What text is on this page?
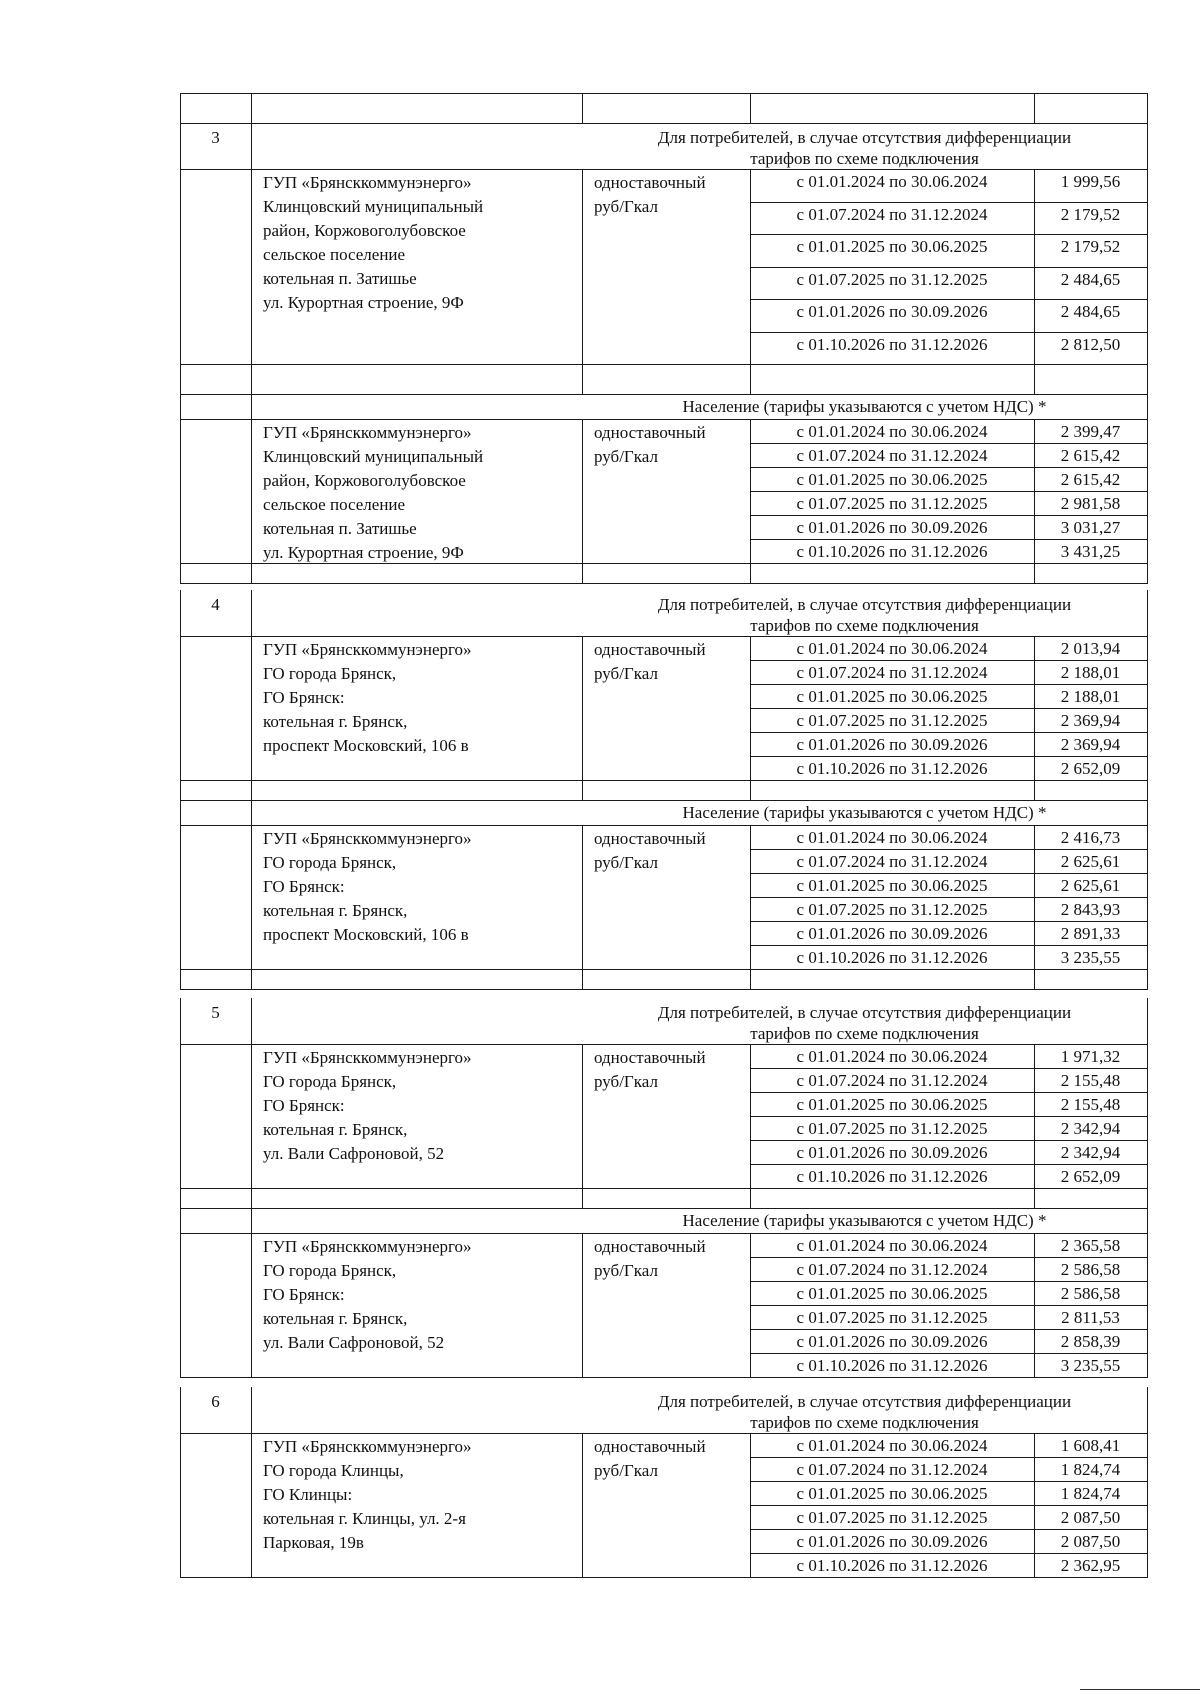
3	Для потребителей, в случае отсутствия дифференциации
тарифов по схеме подключения
ГУП «Брянсккоммунэнерго»
Клинцовский муниципальный
район, Коржовоголубовское
сельское поселение
котельная п. Затишье
ул. Курортная строение, 9Ф
одноставочный
руб/Гкал
с 01.01.2024 по 30.06.2024	1 999,56
с 01.07.2024 по 31.12.2024	2 179,52
с 01.01.2025 по 30.06.2025	2 179,52
с 01.07.2025 по 31.12.2025	2 484,65
с 01.01.2026 по 30.09.2026	2 484,65
с 01.10.2026 по 31.12.2026	2 812,50
Население (тарифы указываются с учетом НДС) *
ГУП «Брянсккоммунэнерго»
Клинцовский муниципальный
район, Коржовоголубовское
сельское поселение
котельная п. Затишье
ул. Курортная строение, 9Ф
одноставочный
руб/Гкал
с 01.01.2024 по 30.06.2024	2 399,47
с 01.07.2024 по 31.12.2024	2 615,42
с 01.01.2025 по 30.06.2025	2 615,42
с 01.07.2025 по 31.12.2025	2 981,58
с 01.01.2026 по 30.09.2026	3 031,27
с 01.10.2026 по 31.12.2026	3 431,25
4	Для потребителей, в случае отсутствия дифференциации
тарифов по схеме подключения
ГУП «Брянсккоммунэнерго»
ГО города Брянск,
ГО Брянск:
котельная г. Брянск,
проспект Московский, 106 в
одноставочный
руб/Гкал
с 01.01.2024 по 30.06.2024	2 013,94
с 01.07.2024 по 31.12.2024	2 188,01
с 01.01.2025 по 30.06.2025	2 188,01
с 01.07.2025 по 31.12.2025	2 369,94
с 01.01.2026 по 30.09.2026	2 369,94
с 01.10.2026 по 31.12.2026	2 652,09
Население (тарифы указываются с учетом НДС) *
ГУП «Брянсккоммунэнерго»
ГО города Брянск,
ГО Брянск:
котельная г. Брянск,
проспект Московский, 106 в
одноставочный
руб/Гкал
с 01.01.2024 по 30.06.2024	2 416,73
с 01.07.2024 по 31.12.2024	2 625,61
с 01.01.2025 по 30.06.2025	2 625,61
с 01.07.2025 по 31.12.2025	2 843,93
с 01.01.2026 по 30.09.2026	2 891,33
с 01.10.2026 по 31.12.2026	3 235,55
5	Для потребителей, в случае отсутствия дифференциации
тарифов по схеме подключения
ГУП «Брянсккоммунэнерго»
ГО города Брянск,
ГО Брянск:
котельная г. Брянск,
ул. Вали Сафроновой, 52
одноставочный
руб/Гкал
с 01.01.2024 по 30.06.2024	1 971,32
с 01.07.2024 по 31.12.2024	2 155,48
с 01.01.2025 по 30.06.2025	2 155,48
с 01.07.2025 по 31.12.2025	2 342,94
с 01.01.2026 по 30.09.2026	2 342,94
с 01.10.2026 по 31.12.2026	2 652,09
Население (тарифы указываются с учетом НДС) *
ГУП «Брянсккоммунэнерго»
ГО города Брянск,
ГО Брянск:
котельная г. Брянск,
ул. Вали Сафроновой, 52
одноставочный
руб/Гкал
с 01.01.2024 по 30.06.2024	2 365,58
с 01.07.2024 по 31.12.2024	2 586,58
с 01.01.2025 по 30.06.2025	2 586,58
с 01.07.2025 по 31.12.2025	2 811,53
с 01.01.2026 по 30.09.2026	2 858,39
с 01.10.2026 по 31.12.2026	3 235,55
6	Для потребителей, в случае отсутствия дифференциации
тарифов по схеме подключения
ГУП «Брянсккоммунэнерго»
ГО города Клинцы,
ГО Клинцы:
котельная г. Клинцы, ул. 2-я
Парковая, 19в
одноставочный
руб/Гкал
с 01.01.2024 по 30.06.2024	1 608,41
с 01.07.2024 по 31.12.2024	1 824,74
с 01.01.2025 по 30.06.2025	1 824,74
с 01.07.2025 по 31.12.2025	2 087,50
с 01.01.2026 по 30.09.2026	2 087,50
с 01.10.2026 по 31.12.2026	2 362,95
